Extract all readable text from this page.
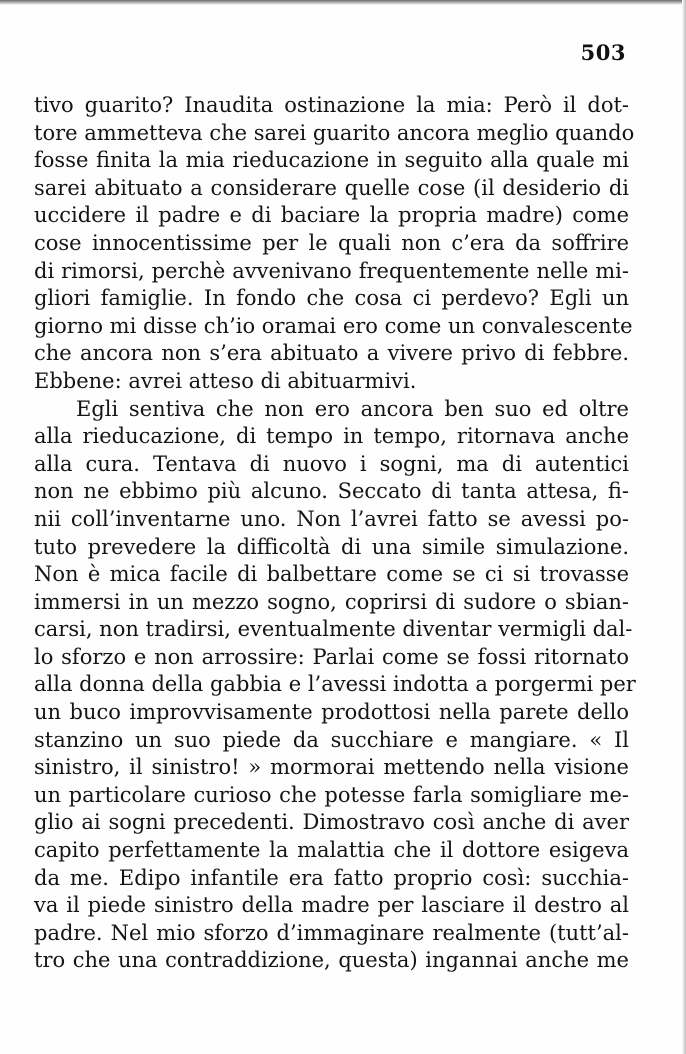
503
tivo guarito? Inaudita ostinazione la mia: Però il dot-
tore ammetteva che sarei guarito ancora meglio quando
fosse finita la mia rieducazione in seguito alla quale mi
sarei abituato a considerare quelle cose (il desiderio di
uccidere il padre e di baciare la propria madre) come
cose innocentissime per le quali non c’era da soffrire
di rimorsi, perchè avvenivano frequentemente nelle mi-
gliori famiglie. In fondo che cosa ci perdevo? Egli un
giorno mi disse ch’io oramai ero come un convalescente
che ancora non s’era abituato a vivere privo di febbre.
Ebbene: avrei atteso di abituarmivi.
Egli sentiva che non ero ancora ben suo ed oltre
alla rieducazione, di tempo in tempo, ritornava anche
alla cura. Tentava di nuovo i sogni, ma di autentici
non ne ebbimo più alcuno. Seccato di tanta attesa, fi-
nii coll’inventarne uno. Non l’avrei fatto se avessi po-
tuto prevedere la difficoltà di una simile simulazione.
Non è mica facile di balbettare come se ci si trovasse
immersi in un mezzo sogno, coprirsi di sudore o sbian-
carsi, non tradirsi, eventualmente diventar vermigli dal-
lo sforzo e non arrossire: Parlai come se fossi ritornato
alla donna della gabbia e l’avessi indotta a porgermi per
un buco improvvisamente prodottosi nella parete dello
stanzino un suo piede da succhiare e mangiare. « Il
sinistro, il sinistro! » mormorai mettendo nella visione
un particolare curioso che potesse farla somigliare me-
glio ai sogni precedenti. Dimostravo così anche di aver
capito perfettamente la malattia che il dottore esigeva
da me. Edipo infantile era fatto proprio così: succhia-
va il piede sinistro della madre per lasciare il destro al
padre. Nel mio sforzo d’immaginare realmente (tutt’al-
tro che una contraddizione, questa) ingannai anche me
